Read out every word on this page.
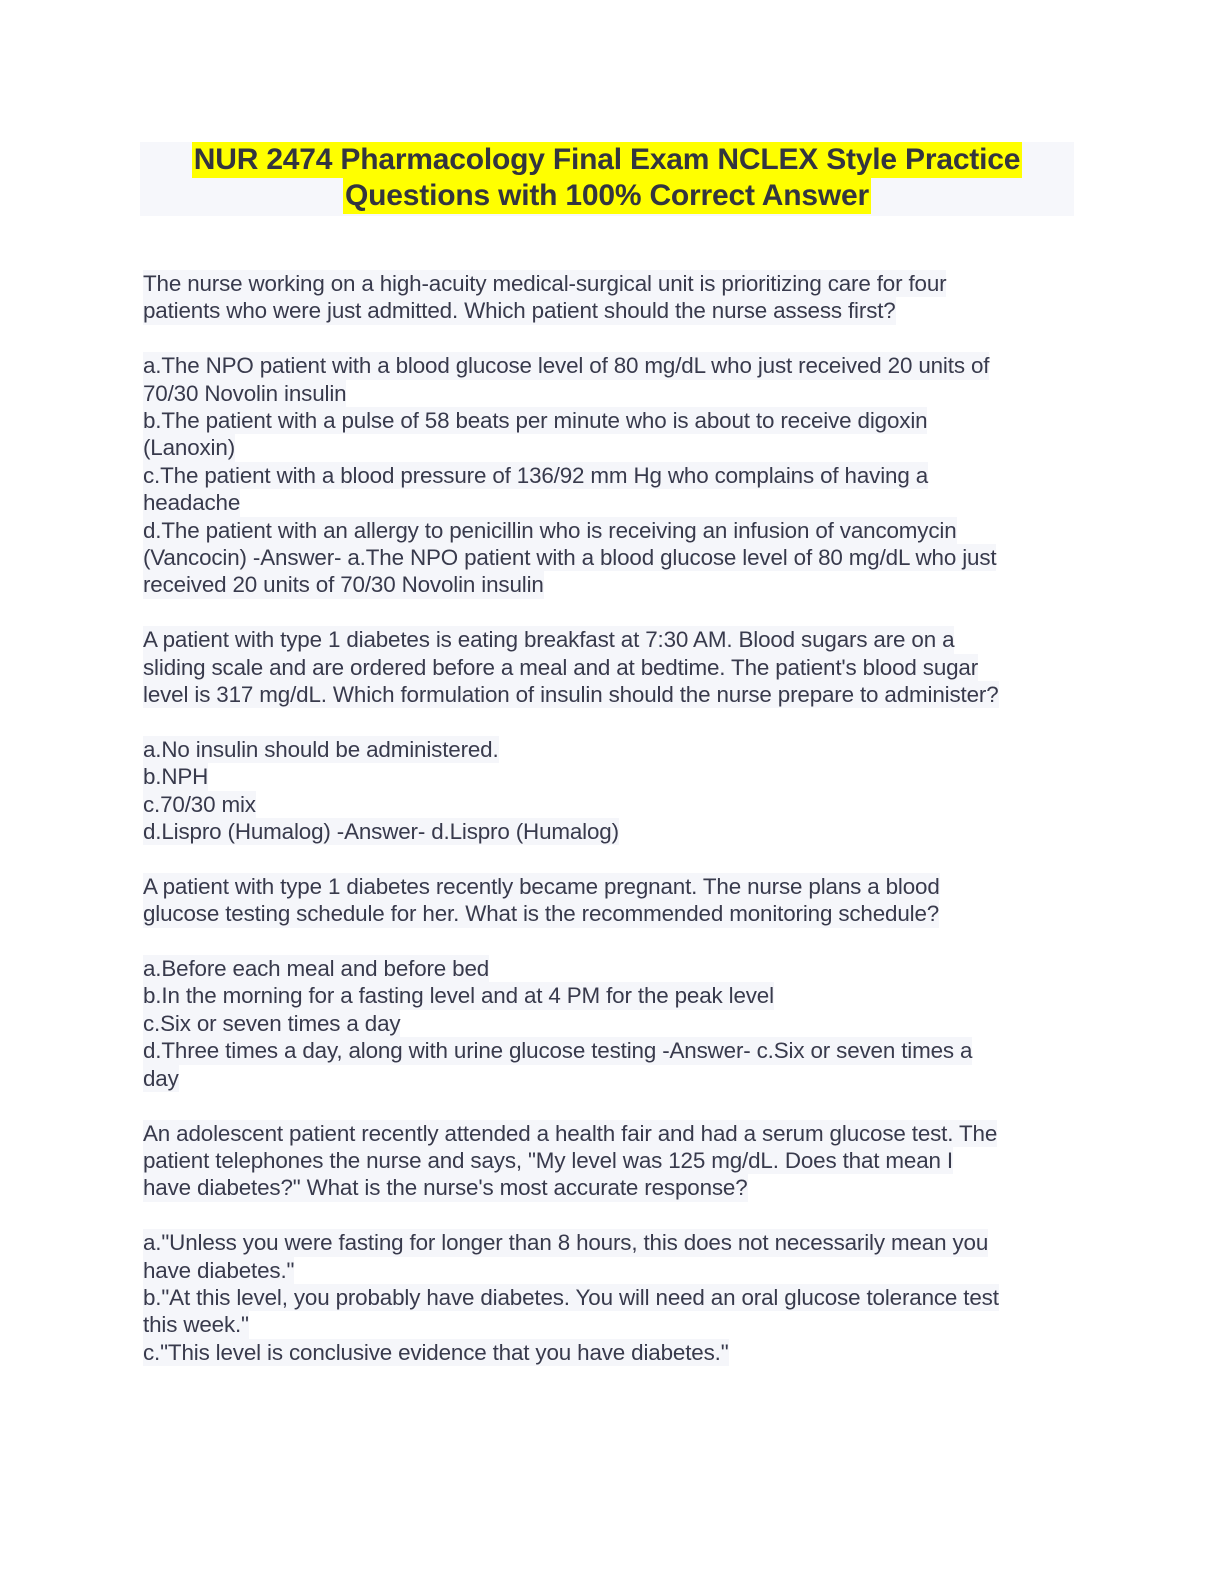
NUR 2474 Pharmacology Final Exam NCLEX Style Practice
Questions with 100% Correct Answer
The nurse working on a high-acuity medical-surgical unit is prioritizing care for four
patients who were just admitted. Which patient should the nurse assess first?
a.The NPO patient with a blood glucose level of 80 mg/dL who just received 20 units of
70/30 Novolin insulin
b.The patient with a pulse of 58 beats per minute who is about to receive digoxin
(Lanoxin)
c.The patient with a blood pressure of 136/92 mm Hg who complains of having a
headache
d.The patient with an allergy to penicillin who is receiving an infusion of vancomycin
(Vancocin) -Answer- a.The NPO patient with a blood glucose level of 80 mg/dL who just
received 20 units of 70/30 Novolin insulin
A patient with type 1 diabetes is eating breakfast at 7:30 AM. Blood sugars are on a
sliding scale and are ordered before a meal and at bedtime. The patient's blood sugar
level is 317 mg/dL. Which formulation of insulin should the nurse prepare to administer?
a.No insulin should be administered.
b.NPH
c.70/30 mix
d.Lispro (Humalog) -Answer- d.Lispro (Humalog)
A patient with type 1 diabetes recently became pregnant. The nurse plans a blood
glucose testing schedule for her. What is the recommended monitoring schedule?
a.Before each meal and before bed
b.In the morning for a fasting level and at 4 PM for the peak level
c.Six or seven times a day
d.Three times a day, along with urine glucose testing -Answer- c.Six or seven times a
day
An adolescent patient recently attended a health fair and had a serum glucose test. The
patient telephones the nurse and says, "My level was 125 mg/dL. Does that mean I
have diabetes?" What is the nurse's most accurate response?
a."Unless you were fasting for longer than 8 hours, this does not necessarily mean you
have diabetes."
b."At this level, you probably have diabetes. You will need an oral glucose tolerance test
this week."
c."This level is conclusive evidence that you have diabetes."
